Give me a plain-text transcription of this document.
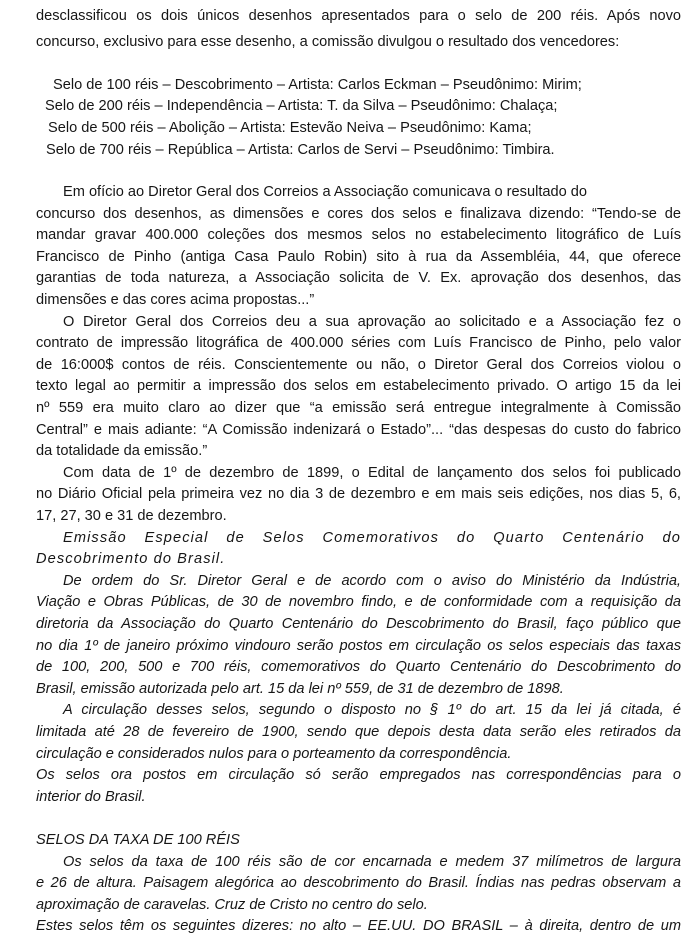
desclassificou os dois únicos desenhos apresentados para o selo de 200 réis. Após novo
concurso, exclusivo para esse desenho, a comissão divulgou o resultado dos vencedores:
Selo de 100 réis – Descobrimento – Artista: Carlos Eckman – Pseudônimo: Mirim;
Selo de 200 réis – Independência – Artista: T. da Silva – Pseudônimo: Chalaça;
Selo de 500 réis – Abolição – Artista: Estevão Neiva – Pseudônimo: Kama;
Selo de 700 réis – República – Artista: Carlos de Servi – Pseudônimo: Timbira.
Em ofício ao Diretor Geral dos Correios a Associação comunicava o resultado do
concurso dos desenhos, as dimensões e cores dos selos e finalizava dizendo: “Tendo-se de
mandar gravar 400.000 coleções dos mesmos selos no estabelecimento litográfico de Luís
Francisco de Pinho (antiga Casa Paulo Robin) sito à rua da Assembléia, 44, que oferece
garantias de toda natureza, a Associação solicita de V. Ex. aprovação dos desenhos, das
dimensões e das cores acima propostas...”
O Diretor Geral dos Correios deu a sua aprovação ao solicitado e a Associação fez o
contrato de impressão litográfica de 400.000 séries com Luís Francisco de Pinho, pelo valor
de 16:000$ contos de réis. Conscientemente ou não, o Diretor Geral dos Correios violou o
texto legal ao permitir a impressão dos selos em estabelecimento privado. O artigo 15 da lei
nº 559 era muito claro ao dizer que “a emissão será entregue integralmente à Comissão
Central” e mais adiante: “A Comissão indenizará o Estado”... “das despesas do custo do fabrico
da totalidade da emissão.”
Com data de 1º de dezembro de 1899, o Edital de lançamento dos selos foi publicado
no Diário Oficial pela primeira vez no dia 3 de dezembro e em mais seis edições, nos dias 5, 6,
17, 27, 30 e 31 de dezembro.
Emissão Especial de Selos Comemorativos do Quarto Centenário do
Descobrimento do Brasil.
De ordem do Sr. Diretor Geral e de acordo com o aviso do Ministério da Indústria,
Viação e Obras Públicas, de 30 de novembro findo, e de conformidade com a requisição da
diretoria da Associação do Quarto Centenário do Descobrimento do Brasil, faço público que
no dia 1º de janeiro próximo vindouro serão postos em circulação os selos especiais das taxas
de 100, 200, 500 e 700 réis, comemorativos do Quarto Centenário do Descobrimento do
Brasil, emissão autorizada pelo art. 15 da lei nº 559, de 31 de dezembro de 1898.
A circulação desses selos, segundo o disposto no § 1º do art. 15 da lei já citada, é
limitada até 28 de fevereiro de 1900, sendo que depois desta data serão eles retirados da
circulação e considerados nulos para o porteamento da correspondência.
Os selos ora postos em circulação só serão empregados nas correspondências para o
interior do Brasil.
SELOS DA TAXA DE 100 RÉIS
Os selos da taxa de 100 réis são de cor encarnada e medem 37 milímetros de largura
e 26 de altura. Paisagem alegórica ao descobrimento do Brasil. Índias nas pedras observam a
aproximação de caravelas. Cruz de Cristo no centro do selo.
Estes selos têm os seguintes dizeres: no alto – EE.UU. DO BRASIL – à direita, dentro de um
